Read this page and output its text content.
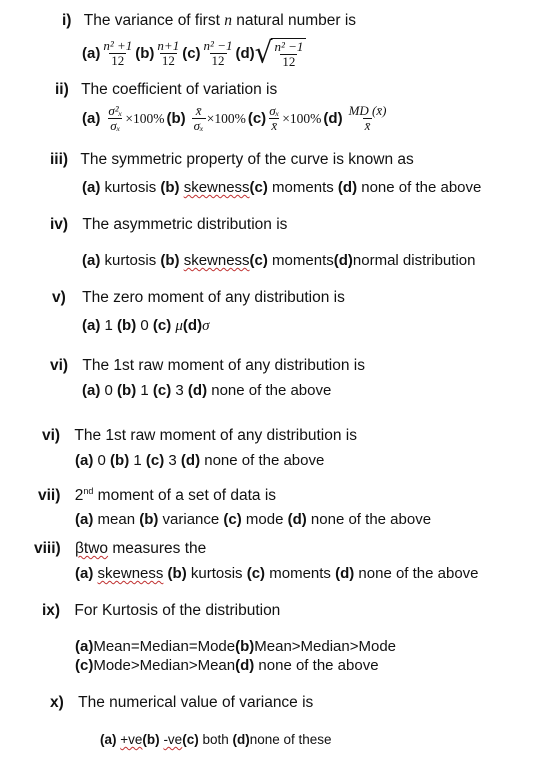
i) The variance of first n natural number is
$(a) \frac{\text{n² +1}}{12} (b) \frac{n+1}{12} (c) \frac{\text{n² −1}}{12} (d)$ √ $\frac{\text{n² −1}}{12}$
ii) The coefficient of variation is
$(a) \frac{\text{σ²ₓ}}{\text{σₓ}} \times 100\%$ $(b) \frac{x̄}{\text{σₓ}} \times 100\%$ $(c) \frac{\text{σₓ}}{x̄} \times 100\%$ $(d) \frac{MD (x̄)}{x̄}$
iii) The symmetric property of the curve is known as
(a) kurtosis (b) skewness(c) moments (d) none of the above
iv) The asymmetric distribution is
(a) kurtosis (b) skewness(c) moments(d)normal distribution
v) The zero moment of any distribution is
(a) 1 (b) 0 (c) μ(d)σ
vi) The 1st raw moment of any distribution is
(a) 0 (b) 1 (c) 3 (d) none of the above
vi) The 1st raw moment of any distribution is
(a) 0 (b) 1 (c) 3 (d) none of the above
vii) 2nd moment of a set of data is
(a) mean (b) variance (c) mode (d) none of the above
viii) βtwo measures the
(a) skewness (b) kurtosis (c) moments (d) none of the above
ix) For Kurtosis of the distribution
(a)Mean=Median=Mode(b)Mean>Median>Mode
(c)Mode>Median>Mean(d) none of the above
x) The numerical value of variance is
(a) +ve(b) -ve(c) both (d)none of these
